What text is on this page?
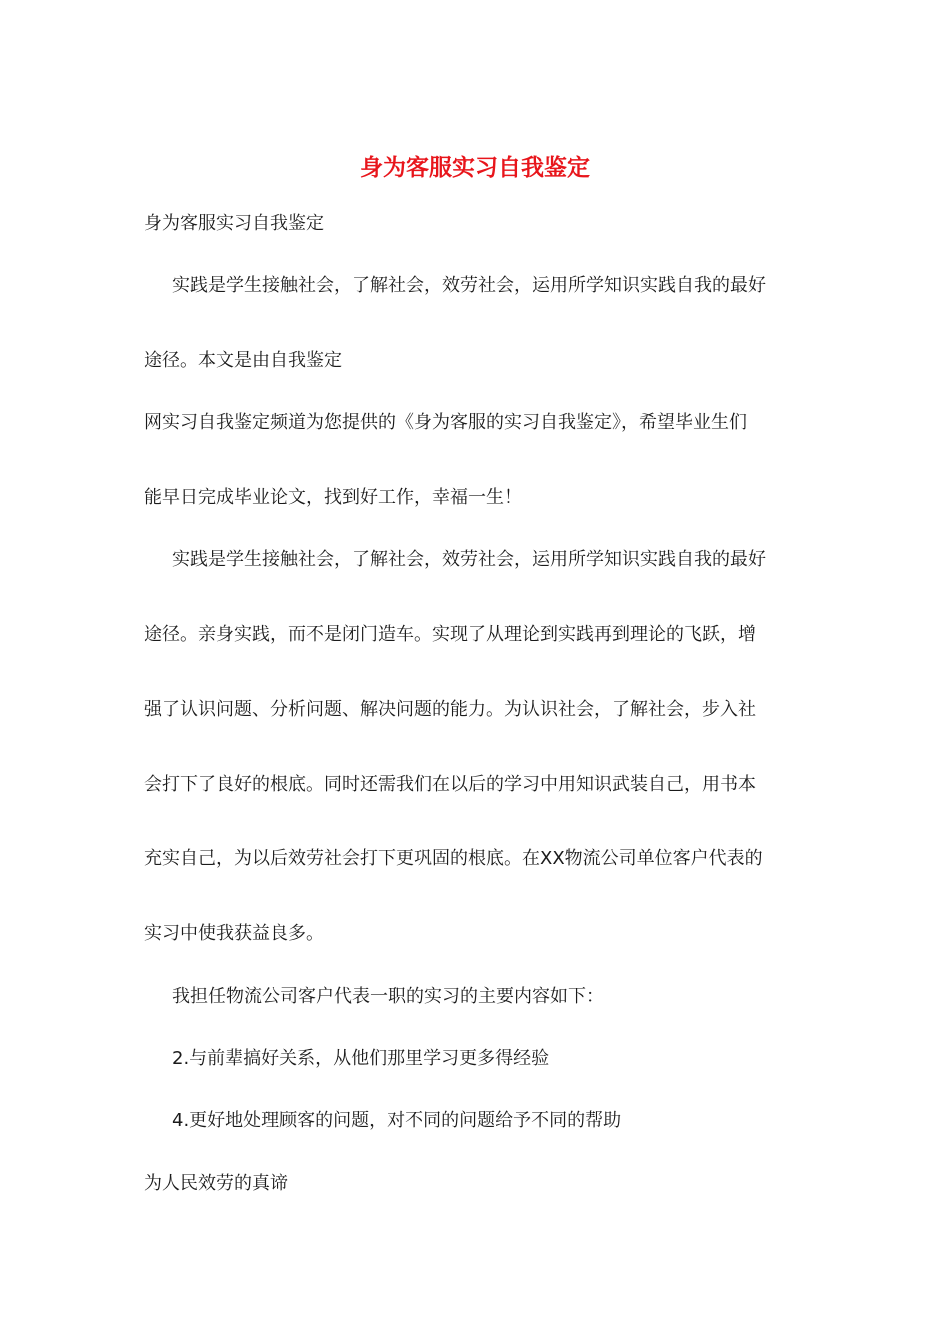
身为客服实习自我鉴定
身为客服实习自我鉴定
实践是学生接触社会，了解社会，效劳社会，运用所学知识实践自我的最好
途径。本文是由自我鉴定
网实习自我鉴定频道为您提供的《身为客服的实习自我鉴定》，希望毕业生们
能早日完成毕业论文，找到好工作，幸福一生！
实践是学生接触社会，了解社会，效劳社会，运用所学知识实践自我的最好
途径。亲身实践，而不是闭门造车。实现了从理论到实践再到理论的飞跃，增
强了认识问题、分析问题、解决问题的能力。为认识社会，了解社会，步入社
会打下了良好的根底。同时还需我们在以后的学习中用知识武装自己，用书本
充实自己，为以后效劳社会打下更巩固的根底。在XX物流公司单位客户代表的
实习中使我获益良多。
我担任物流公司客户代表一职的实习的主要内容如下：
2.与前辈搞好关系，从他们那里学习更多得经验
4.更好地处理顾客的问题，对不同的问题给予不同的帮助
为人民效劳的真谛
